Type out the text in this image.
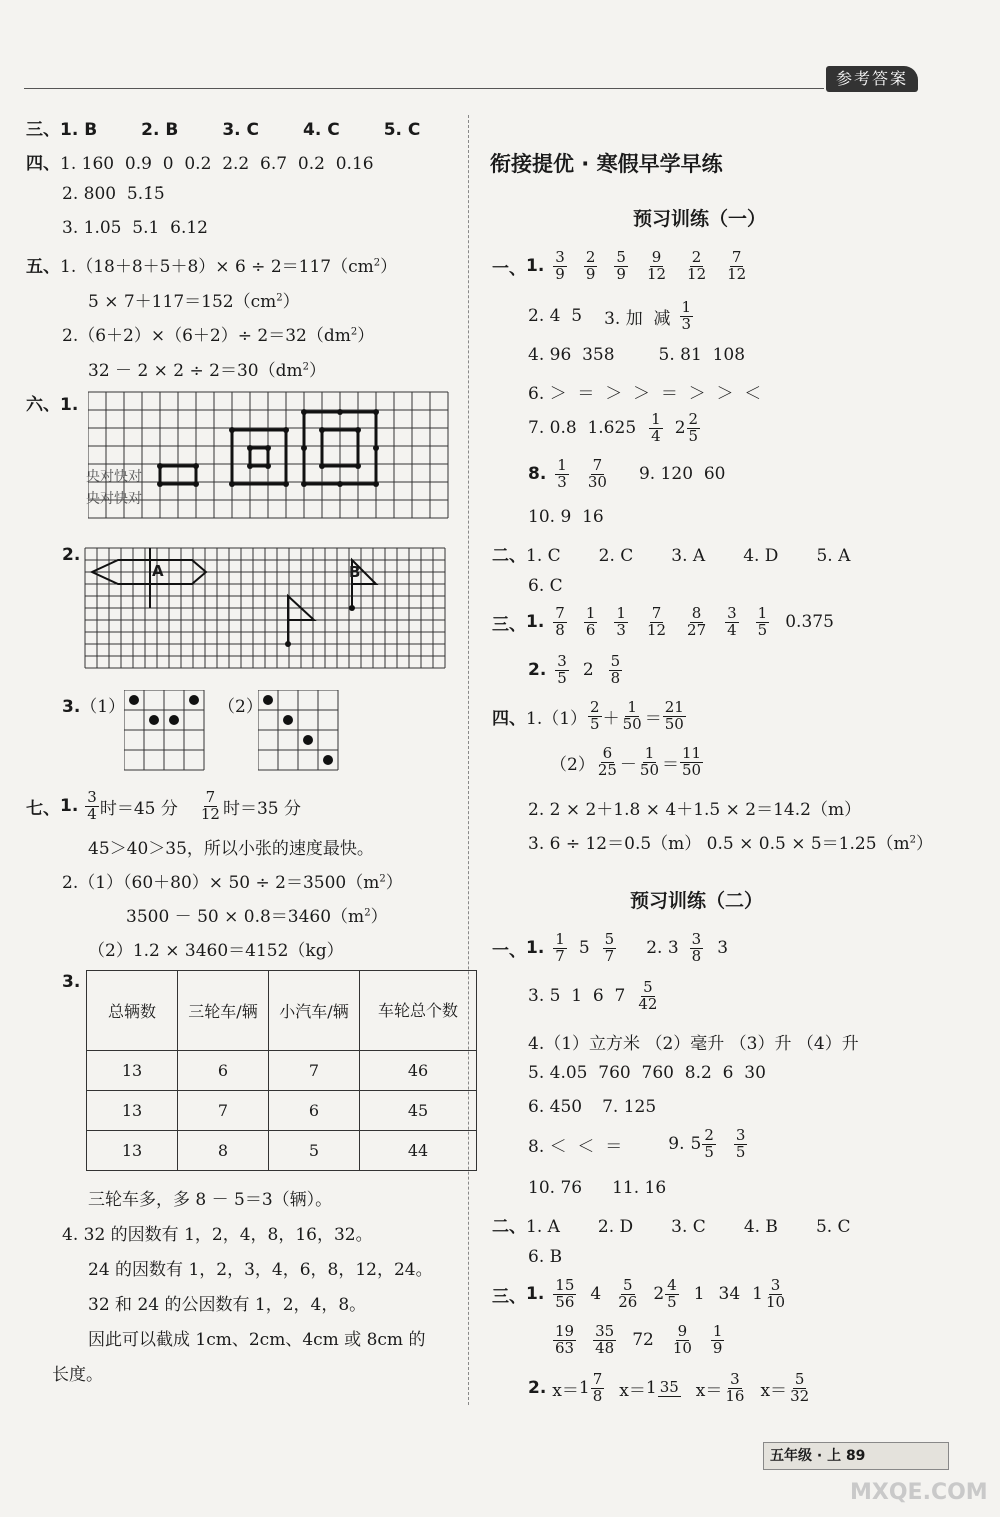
参考答案
三、1. B	2. B	3. C	4. C	5. C
四、1. 160  0.9  0  0.2  2.2  6.7  0.2  0.16
2. 800  5.1̇5̇
3. 1.05  5.1  6.12
五、$1.(18+8+5+8)\times 6 \div 2=117(cm^2)$
$5 \times 7+117=152(cm^2)$
$2.(6+2)\times(6+2)\div 2=32(dm^2)$
$32 - 2 \times 2 \div 2=30(dm^2)$
六、1.
央对快对
央对快对
2.
A	B
3.（1）	（2）
七、 1. $\frac{3}{4}$ 时＝45 分 $\frac{7}{12}$ 时＝35 分
45＞40＞35，所以小张的速度最快。
$2.(1)(60+80)\times 50 \div 2=3500(m^2)$
$3500 - 50 \times 0.8=3460(m^2)$
（2）1.2 × 3460＝4152（kg）
3.
总辆数	三轮车/辆	小汽车/辆	车轮总个数
13	6	7	46
13	7	6	45
13	8	5	44
三轮车多，多 8 － 5＝3（辆）。
4. 32 的因数有 1，2，4，8，16，32。
24 的因数有 1，2，3，4，6，8，12，24。
32 和 24 的公因数有 1，2，4，8。
因此可以截成 1cm、2cm、4cm 或 8cm 的
长度。
衔接提优 · 寒假早学早练
预习训练（一）
一、 1. $\frac{3}{9} \frac{2}{9} \frac{5}{9} \frac{9}{12} \frac{2}{12} \frac{7}{12}$
2. 4  5 3. 加  减 $\frac{1}{3}$
4. 96  358	5. 81  108
6. ＞  ＝  ＞  ＞  ＝  ＞  ＞  ＜
7. 0.8  $1.625 \frac{1}{4} 2 \frac{2}{5}$
8. $\frac{1}{3} \frac{7}{30} 9$. 120  60
10. 9  16
二、1. C 2. C 3. A 4. D 5. A
6. C
三、 1. $\frac{7}{8} \frac{1}{6} \frac{1}{3} \frac{7}{12} \frac{8}{27} \frac{3}{4} \frac{1}{5} 0.375$
2. $\frac{3}{5} 2 \frac{5}{8}$
四、 $1.(1) \frac{2}{5} + \frac{1}{50} = \frac{21}{50}$
$(2) \frac{6}{25} - \frac{1}{50} = \frac{11}{50}$
2. 2 × 2＋1.8 × 4＋1.5 × 2＝14.2（m）
3. 6 ÷ 12＝0.5（m） $0.5 \times 0.5 \times 5=1.25(m^2)$
预习训练（二）
一、 1. $\frac{1}{7} 5 \frac{5}{7} 2$. $3 \frac{3}{8} 3$
3. 5  1  6  $7 \frac{5}{42}$
4.（1）立方米 （2）毫升 （3）升 （4）升
5. 4.05  760  760  8.2  6  30
6. 450 7. 125
8. ＜  ＜  ＝	9. $5 \frac{2}{5} \frac{3}{5}$
10. 76 11. 16
二、1. A 2. D 3. C 4. B 5. C
6. B
三、 1. $\frac{15}{56} 4 \frac{5}{26} 2 \frac{4}{5} 1$ 34 $1 \frac{3}{10}$
$\frac{19}{63} \frac{35}{48} 72 \frac{9}{10} \frac{1}{9}$
2. $x= 1 \frac{7}{8} x= 1$ 35 $x= \frac{3}{16} x= \frac{5}{32}$
五年级 · 上 89
MXQE.COM
